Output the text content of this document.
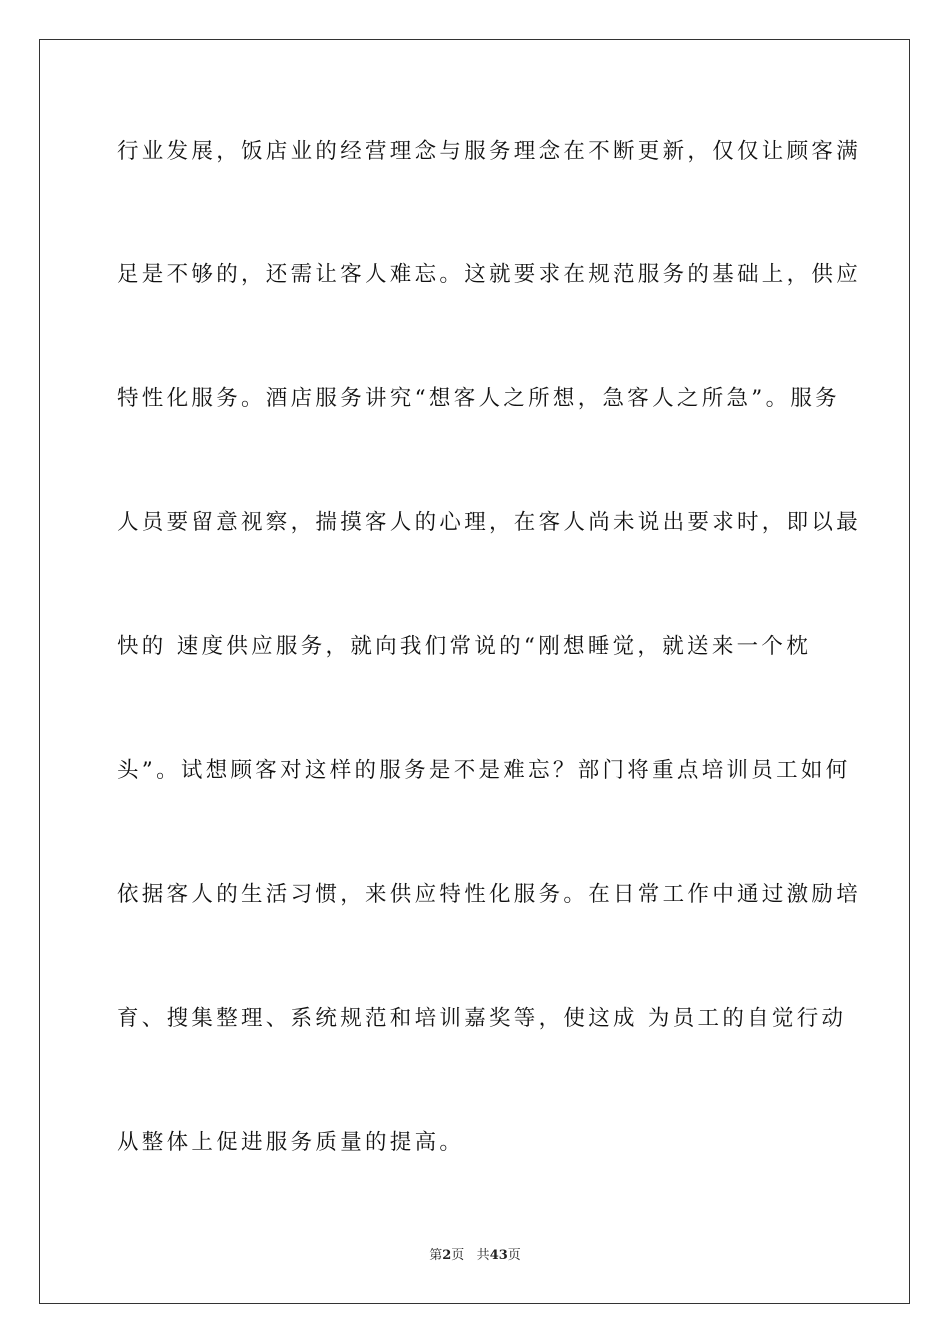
行业发展，饭店业的经营理念与服务理念在不断更新，仅仅让顾客满
足是不够的，还需让客人难忘。这就要求在规范服务的基础上，供应
特性化服务。酒店服务讲究“想客人之所想，急客人之所急”。服务
人员要留意视察，揣摸客人的心理，在客人尚未说出要求时，即以最
快的 速度供应服务，就向我们常说的“刚想睡觉，就送来一个枕
头”。试想顾客对这样的服务是不是难忘？部门将重点培训员工如何
依据客人的生活习惯，来供应特性化服务。在日常工作中通过激励培
育、搜集整理、系统规范和培训嘉奖等，使这成 为员工的自觉行动
从整体上促进服务质量的提高。
第2页 共43页
